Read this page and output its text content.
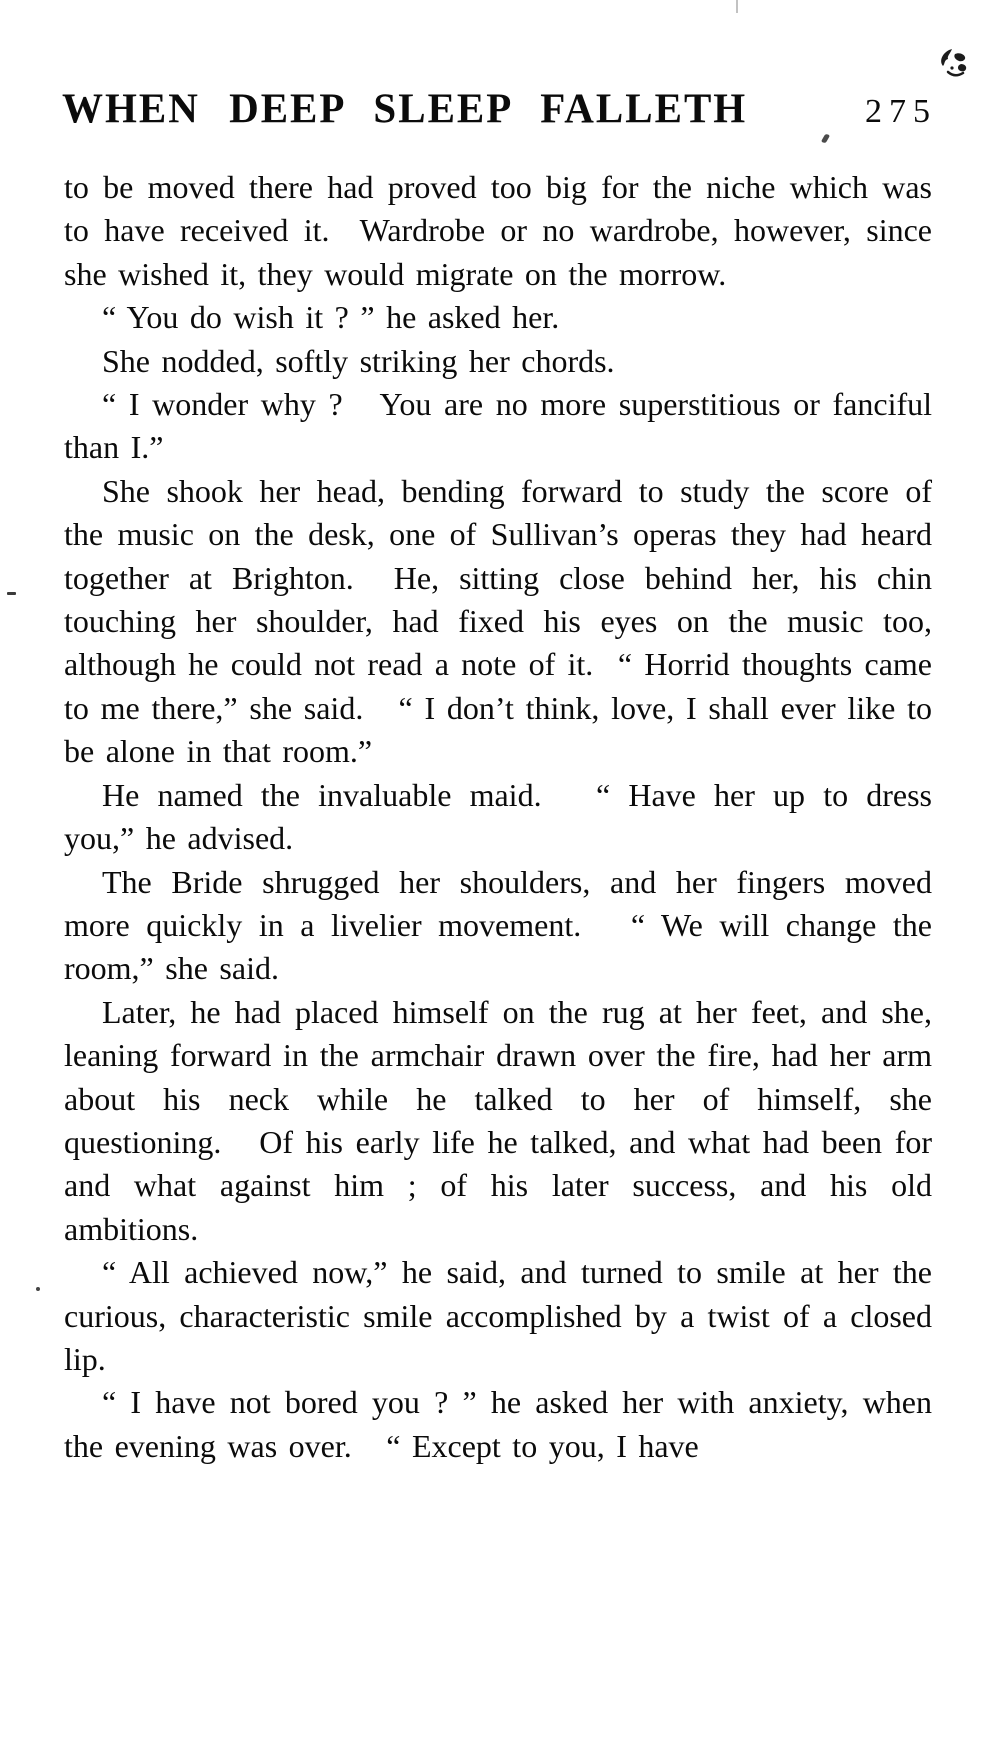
WHEN DEEP SLEEP FALLETH	275

to be moved there had proved too big for the niche which was to have received it.  Wardrobe or no wardrobe, however, since she wished it, they would migrate on the morrow.

“ You do wish it ? ” he asked her.

She nodded, softly striking her chords.

“ I wonder why ?   You are no more superstitious or fanciful than I.”

She shook her head, bending forward to study the score of the music on the desk, one of Sullivan’s operas they had heard together at Brighton.  He, sitting close behind her, his chin touching her shoulder, had fixed his eyes on the music too, although he could not read a note of it.  “ Horrid thoughts came to me there,” she said.   “ I don’t think, love, I shall ever like to be alone in that room.”

He named the invaluable maid.   “ Have her up to dress you,” he advised.

The Bride shrugged her shoulders, and her fingers moved more quickly in a livelier movement.   “ We will change the room,” she said.

Later, he had placed himself on the rug at her feet, and she, leaning forward in the armchair drawn over the fire, had her arm about his neck while he talked to her of himself, she questioning.   Of his early life he talked, and what had been for and what against him ; of his later success, and his old ambitions.

“ All achieved now,” he said, and turned to smile at her the curious, characteristic smile accomplished by a twist of a closed lip.

“ I have not bored you ? ” he asked her with anxiety, when the evening was over.   “ Except to you, I have
